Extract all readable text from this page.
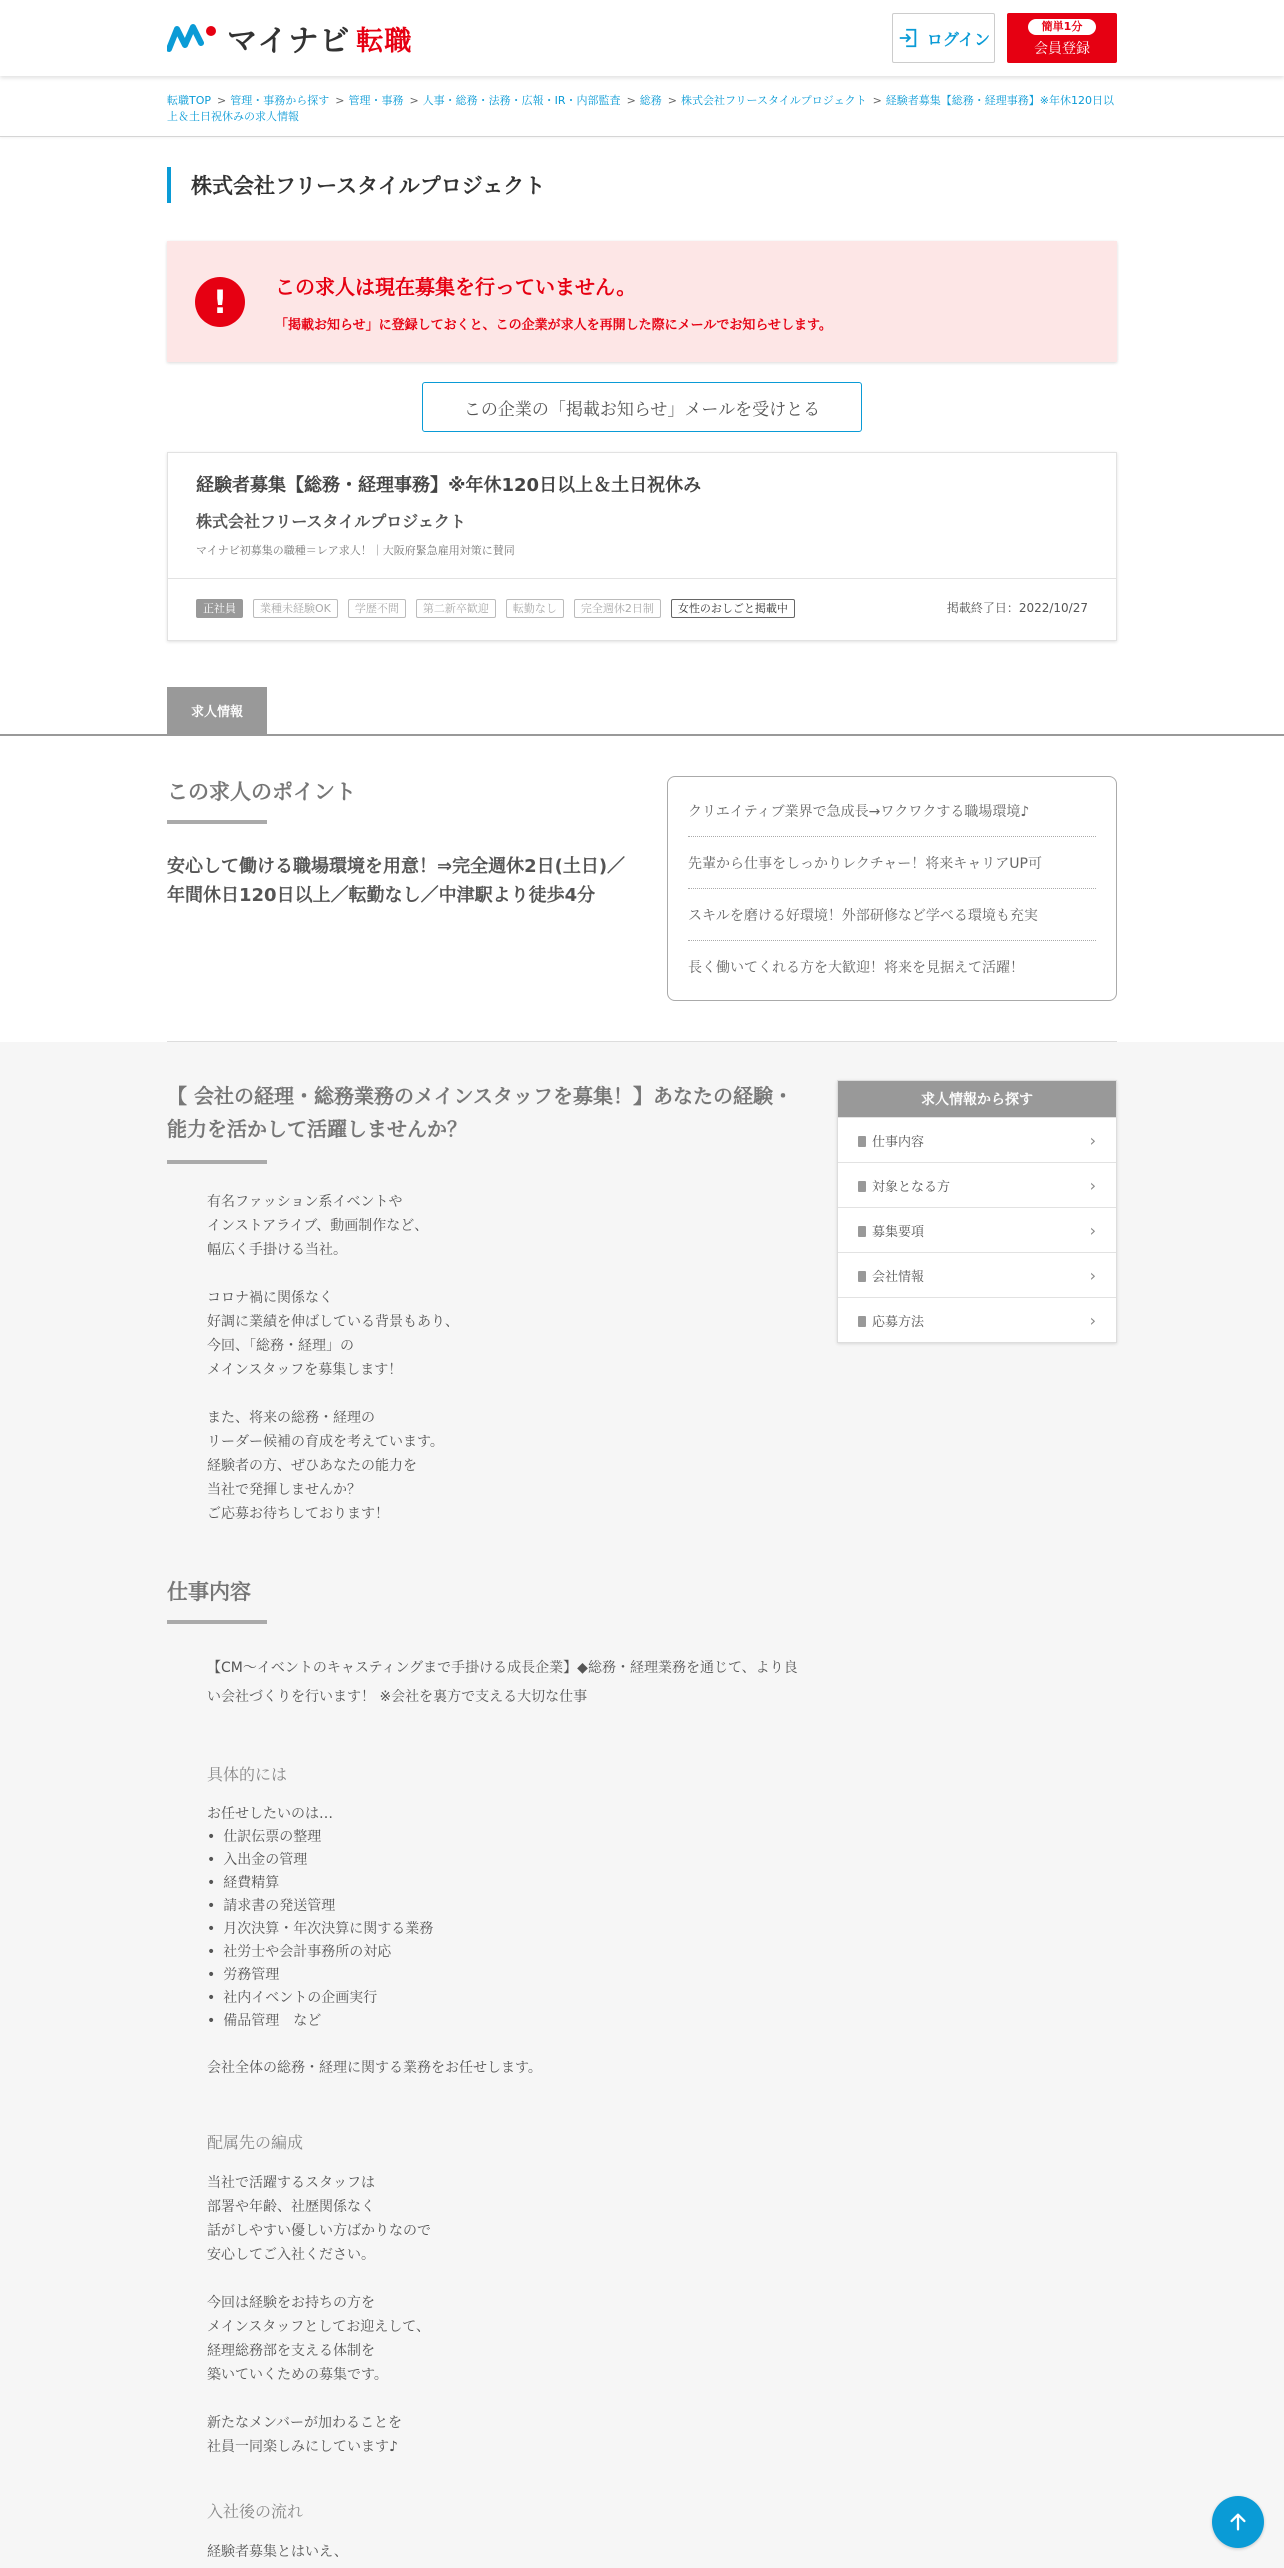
マイナビ 転職	ログイン
簡単1分
会員登録
転職TOP > 管理・事務から探す > 管理・事務 > 人事・総務・法務・広報・IR・内部監査 > 総務 > 株式会社フリースタイルプロジェクト > 経験者募集【総務・経理事務】※年休120日以上＆土日祝休みの求人情報
株式会社フリースタイルプロジェクト
!	この求人は現在募集を行っていません。
「掲載お知らせ」に登録しておくと、この企業が求人を再開した際にメールでお知らせします。
この企業の「掲載お知らせ」メールを受けとる
経験者募集【総務・経理事務】※年休120日以上＆土日祝休み
株式会社フリースタイルプロジェクト
マイナビ初募集の職種＝レア求人！｜大阪府緊急雇用対策に賛同
正社員	業種未経験OK	学歴不問	第二新卒歓迎	転勤なし	完全週休2日制	女性のおしごと掲載中	掲載終了日：2022/10/27
求人情報
この求人のポイント
安心して働ける職場環境を用意！⇒完全週休2日(土日)／年間休日120日以上／転勤なし／中津駅より徒歩4分
クリエイティブ業界で急成長→ワクワクする職場環境♪
先輩から仕事をしっかりレクチャー！将来キャリアUP可
スキルを磨ける好環境！外部研修など学べる環境も充実
長く働いてくれる方を大歓迎！将来を見据えて活躍！
【 会社の経理・総務業務のメインスタッフを募集！】あなたの経験・能力を活かして活躍しませんか？
有名ファッション系イベントや
インストアライブ、動画制作など、
幅広く手掛ける当社。

コロナ禍に関係なく
好調に業績を伸ばしている背景もあり、
今回、「総務・経理」の
メインスタッフを募集します！

また、将来の総務・経理の
リーダー候補の育成を考えています。
経験者の方、ぜひあなたの能力を
当社で発揮しませんか？
ご応募お待ちしております！
仕事内容
【CM～イベントのキャスティングまで手掛ける成長企業】◆総務・経理業務を通じて、より良い会社づくりを行います！ ※会社を裏方で支える大切な仕事
具体的には
お任せしたいのは…
• 仕訳伝票の整理
• 入出金の管理
• 経費精算
• 請求書の発送管理
• 月次決算・年次決算に関する業務
• 社労士や会計事務所の対応
• 労務管理
• 社内イベントの企画実行
• 備品管理　など
会社全体の総務・経理に関する業務をお任せします。
配属先の編成
当社で活躍するスタッフは
部署や年齢、社歴関係なく
話がしやすい優しい方ばかりなので
安心してご入社ください。

今回は経験をお持ちの方を
メインスタッフとしてお迎えして、
経理総務部を支える体制を
築いていくための募集です。

新たなメンバーが加わることを
社員一同楽しみにしています♪
入社後の流れ
経験者募集とはいえ、
求人情報から探す
仕事内容	›
対象となる方	›
募集要項	›
会社情報	›
応募方法	›
